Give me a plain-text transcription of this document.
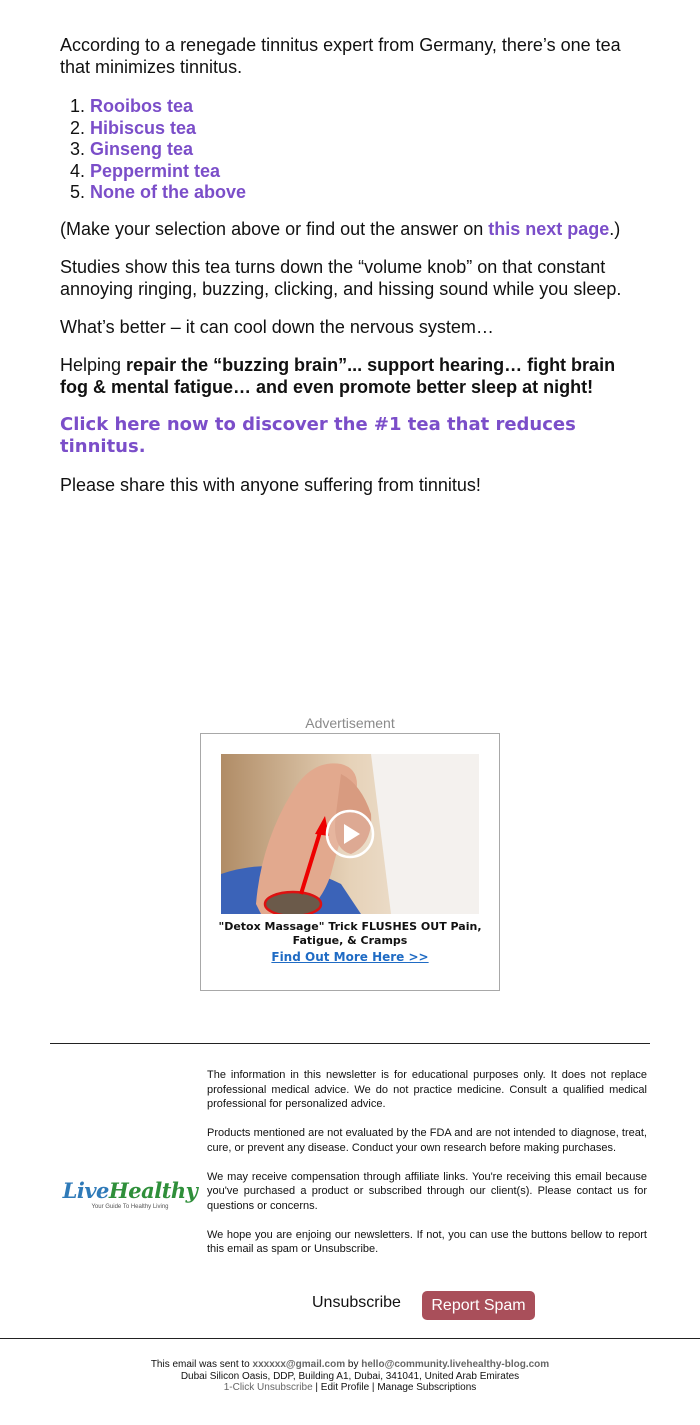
According to a renegade tinnitus expert from Germany, there’s one tea that minimizes tinnitus.

1. Rooibos tea
2. Hibiscus tea
3. Ginseng tea
4. Peppermint tea
5. None of the above

(Make your selection above or find out the answer on this next page.)

Studies show this tea turns down the “volume knob” on that constant annoying ringing, buzzing, clicking, and hissing sound while you sleep.

What’s better – it can cool down the nervous system…

Helping repair the “buzzing brain”... support hearing… fight brain fog & mental fatigue… and even promote better sleep at night!

Click here now to discover the #1 tea that reduces tinnitus.

Please share this with anyone suffering from tinnitus!

Advertisement
"Detox Massage" Trick FLUSHES OUT Pain, Fatigue, & Cramps
Find Out More Here >>
LiveHealthy
Your Guide To Healthy Living

The information in this newsletter is for educational purposes only. It does not replace professional medical advice. We do not practice medicine. Consult a qualified medical professional for personalized advice.

Products mentioned are not evaluated by the FDA and are not intended to diagnose, treat, cure, or prevent any disease. Conduct your own research before making purchases.

We may receive compensation through affiliate links. You're receiving this email because you've purchased a product or subscribed through our client(s). Please contact us for questions or concerns.

We hope you are enjoing our newsletters. If not, you can use the buttons bellow to report this email as spam or Unsubscribe.

Unsubscribe	Report Spam
This email was sent to xxxxxx@gmail.com by hello@community.livehealthy-blog.com
Dubai Silicon Oasis, DDP, Building A1, Dubai, 341041, United Arab Emirates
1-Click Unsubscribe | Edit Profile | Manage Subscriptions
